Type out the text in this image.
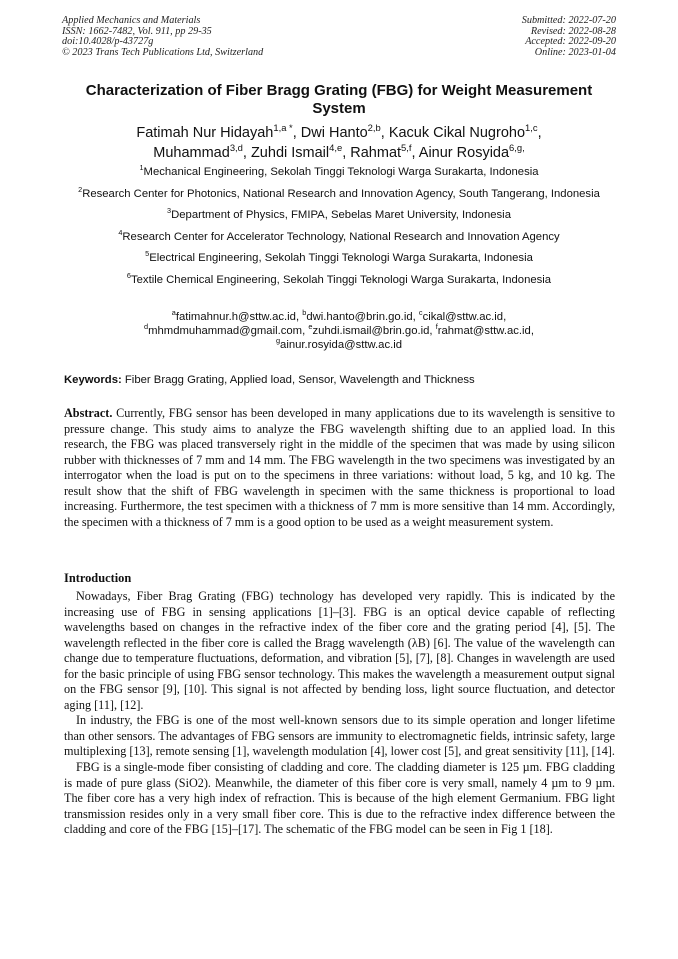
Applied Mechanics and Materials
ISSN: 1662-7482, Vol. 911, pp 29-35
doi:10.4028/p-43727g
© 2023 Trans Tech Publications Ltd, Switzerland
Submitted: 2022-07-20
Revised: 2022-08-28
Accepted: 2022-09-20
Online: 2023-01-04
Characterization of Fiber Bragg Grating (FBG) for Weight Measurement System
Fatimah Nur Hidayah$^{1,a *}$, Dwi Hanto$^{2,b}$, Kacuk Cikal Nugroho$^{1,c}$,
Muhammad$^{3,d}$, Zuhdi Ismail$^{4,e}$, Rahmat$^{5,f}$, Ainur Rosyida$^{6,g,}$

$^1$Mechanical Engineering, Sekolah Tinggi Teknologi Warga Surakarta, Indonesia

$^2$Research Center for Photonics, National Research and Innovation Agency, South Tangerang, Indonesia

$^3$Department of Physics, FMIPA, Sebelas Maret University, Indonesia

$^4$Research Center for Accelerator Technology, National Research and Innovation Agency

$^5$Electrical Engineering, Sekolah Tinggi Teknologi Warga Surakarta, Indonesia

$^6$Textile Chemical Engineering, Sekolah Tinggi Teknologi Warga Surakarta, Indonesia

$^a$fatimahnur.h@sttw.ac.id, $^b$dwi.hanto@brin.go.id, $^c$cikal@sttw.ac.id,

$^d$mhmdmuhammad@gmail.com, $^e$zuhdi.ismail@brin.go.id, $^f$rahmat@sttw.ac.id,

$^g$ainur.rosyida@sttw.ac.id

Keywords: Fiber Bragg Grating, Applied load, Sensor, Wavelength and Thickness

Abstract. Currently, FBG sensor has been developed in many applications due to its wavelength is sensitive to pressure change. This study aims to analyze the FBG wavelength shifting due to an applied load. In this research, the FBG was placed transversely right in the middle of the specimen that was made by using silicon rubber with thicknesses of 7 mm and 14 mm. The FBG wavelength in the two specimens was investigated by an interrogator when the load is put on to the specimens in three variations: without load, 5 kg, and 10 kg. The result show that the shift of FBG wavelength in specimen with the same thickness is proportional to load increasing. Furthermore, the test specimen with a thickness of 7 mm is more sensitive than 14 mm. Accordingly, the specimen with a thickness of 7 mm is a good option to be used as a weight measurement system.

Introduction

Nowadays, Fiber Brag Grating (FBG) technology has developed very rapidly. This is indicated by the increasing use of FBG in sensing applications [1]–[3]. FBG is an optical device capable of reflecting wavelengths based on changes in the refractive index of the fiber core and the grating period [4], [5]. The wavelength reflected in the fiber core is called the Bragg wavelength (λB) [6]. The value of the wavelength can change due to temperature fluctuations, deformation, and vibration [5], [7], [8]. Changes in wavelength are used for the basic principle of using FBG sensor technology. This makes the wavelength a measurement output signal on the FBG sensor [9], [10]. This signal is not affected by bending loss, light source fluctuation, and detector aging [11], [12].

In industry, the FBG is one of the most well-known sensors due to its simple operation and longer lifetime than other sensors. The advantages of FBG sensors are immunity to electromagnetic fields, intrinsic safety, large multiplexing [13], remote sensing [1], wavelength modulation [4], lower cost [5], and great sensitivity [11], [14].

FBG is a single-mode fiber consisting of cladding and core. The cladding diameter is 125 µm. FBG cladding is made of pure glass (SiO2). Meanwhile, the diameter of this fiber core is very small, namely 4 µm to 9 µm. The fiber core has a very high index of refraction. This is because of the high element Germanium. FBG light transmission resides only in a very small fiber core. This is due to the refractive index difference between the cladding and core of the FBG [15]–[17]. The schematic of the FBG model can be seen in Fig 1 [18].
